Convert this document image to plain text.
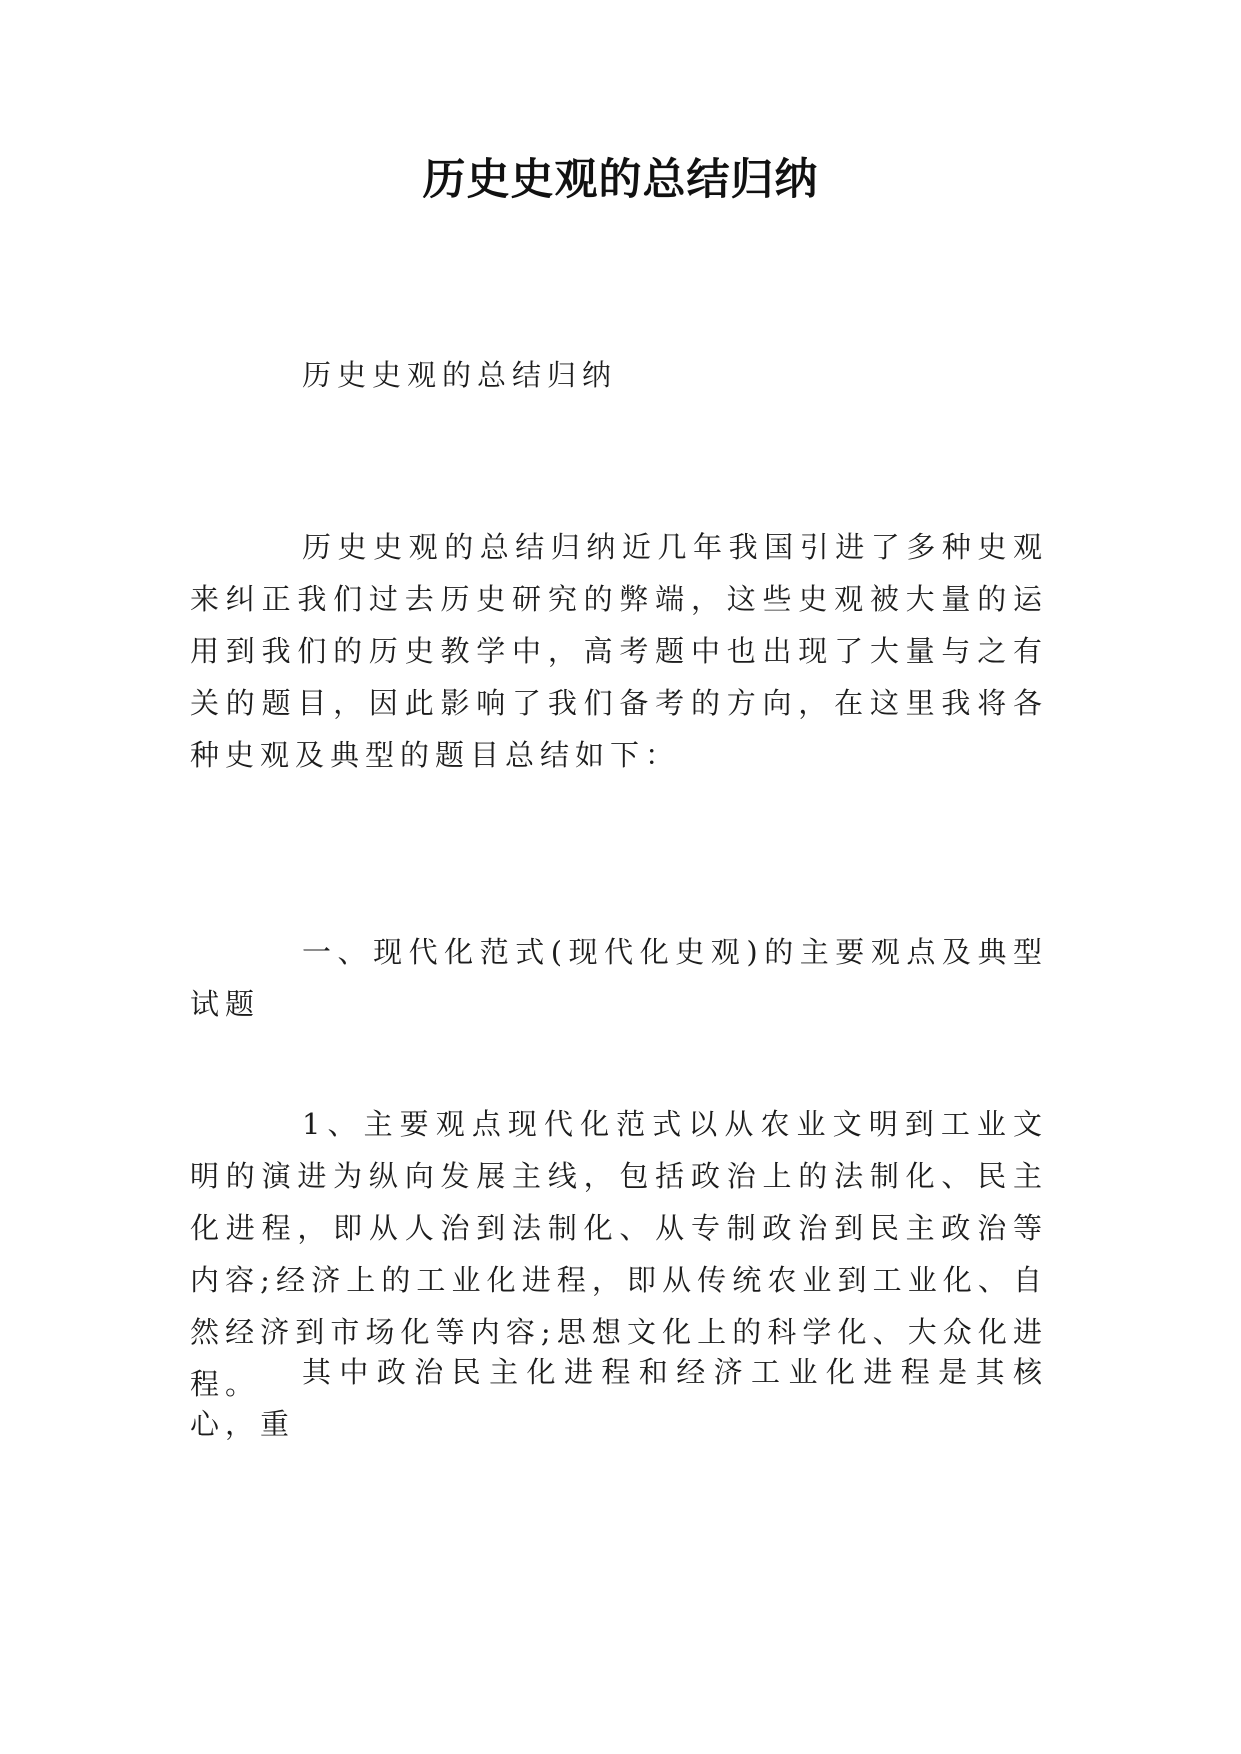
历史史观的总结归纳

历史史观的总结归纳

历史史观的总结归纳近几年我国引进了多种史观来纠正我们过去历史研究的弊端，这些史观被大量的运用到我们的历史教学中，高考题中也出现了大量与之有关的题目，因此影响了我们备考的方向，在这里我将各种史观及典型的题目总结如下：

一、现代化范式(现代化史观)的主要观点及典型试题

1、主要观点现代化范式以从农业文明到工业文明的演进为纵向发展主线，包括政治上的法制化、民主化进程，即从人治到法制化、从专制政治到民主政治等内容;经济上的工业化进程，即从传统农业到工业化、自然经济到市场化等内容;思想文化上的科学化、大众化进程。	其中政治民主化进程和经济工业化进程是其核心，重
